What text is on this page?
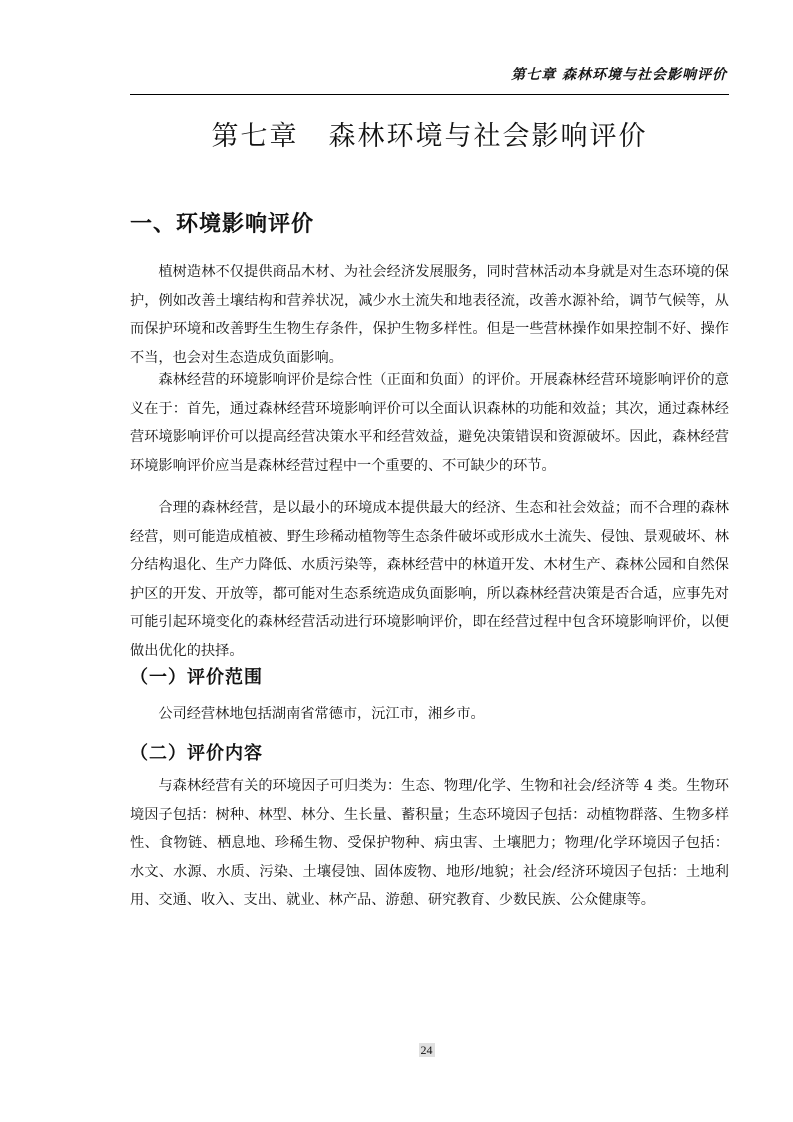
第七章 森林环境与社会影响评价
第七章 森林环境与社会影响评价
一、环境影响评价

植树造林不仅提供商品木材、为社会经济发展服务，同时营林活动本身就是对生态环境的保护，例如改善土壤结构和营养状况，减少水土流失和地表径流，改善水源补给，调节气候等，从而保护环境和改善野生生物生存条件，保护生物多样性。但是一些营林操作如果控制不好、操作不当，也会对生态造成负面影响。

森林经营的环境影响评价是综合性（正面和负面）的评价。开展森林经营环境影响评价的意义在于：首先，通过森林经营环境影响评价可以全面认识森林的功能和效益；其次，通过森林经营环境影响评价可以提高经营决策水平和经营效益，避免决策错误和资源破坏。因此，森林经营环境影响评价应当是森林经营过程中一个重要的、不可缺少的环节。

合理的森林经营，是以最小的环境成本提供最大的经济、生态和社会效益；而不合理的森林经营，则可能造成植被、野生珍稀动植物等生态条件破坏或形成水土流失、侵蚀、景观破坏、林分结构退化、生产力降低、水质污染等，森林经营中的林道开发、木材生产、森林公园和自然保护区的开发、开放等，都可能对生态系统造成负面影响，所以森林经营决策是否合适，应事先对可能引起环境变化的森林经营活动进行环境影响评价，即在经营过程中包含环境影响评价，以便做出优化的抉择。

（一）评价范围

公司经营林地包括湖南省常德市，沅江市，湘乡市。

（二）评价内容

与森林经营有关的环境因子可归类为：生态、物理/化学、生物和社会/经济等 4 类。生物环境因子包括：树种、林型、林分、生长量、蓄积量；生态环境因子包括：动植物群落、生物多样性、食物链、栖息地、珍稀生物、受保护物种、病虫害、土壤肥力；物理/化学环境因子包括：水文、水源、水质、污染、土壤侵蚀、固体废物、地形/地貌；社会/经济环境因子包括：土地利用、交通、收入、支出、就业、林产品、游憩、研究教育、少数民族、公众健康等。

24
